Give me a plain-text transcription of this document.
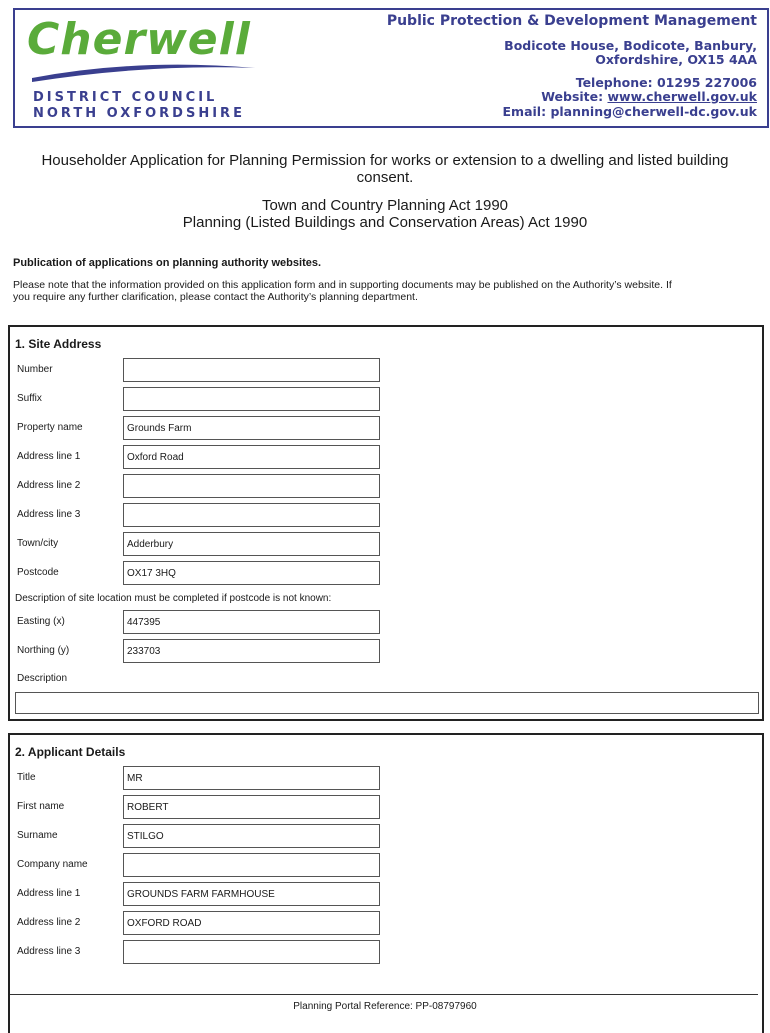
Cherwell
DISTRICT COUNCIL
NORTH OXFORDSHIRE
Public Protection & Development Management
Bodicote House, Bodicote, Banbury,
Oxfordshire, OX15 4AA
Telephone: 01295 227006
Website: www.cherwell.gov.uk
Email: planning@cherwell-dc.gov.uk
Householder Application for Planning Permission for works or extension to a dwelling and listed building
consent.
Town and Country Planning Act 1990
Planning (Listed Buildings and Conservation Areas) Act 1990
Publication of applications on planning authority websites.
Please note that the information provided on this application form and in supporting documents may be published on the Authority’s website. If
you require any further clarification, please contact the Authority’s planning department.
1. Site Address
Number
Suffix
Property name	Grounds Farm
Address line 1	Oxford Road
Address line 2
Address line 3
Town/city	Adderbury
Postcode	OX17 3HQ
Description of site location must be completed if postcode is not known:
Easting (x)	447395
Northing (y)	233703
Description
2. Applicant Details
Title	MR
First name	ROBERT
Surname	STILGO
Company name
Address line 1	GROUNDS FARM FARMHOUSE
Address line 2	OXFORD ROAD
Address line 3
Planning Portal Reference: PP-08797960
